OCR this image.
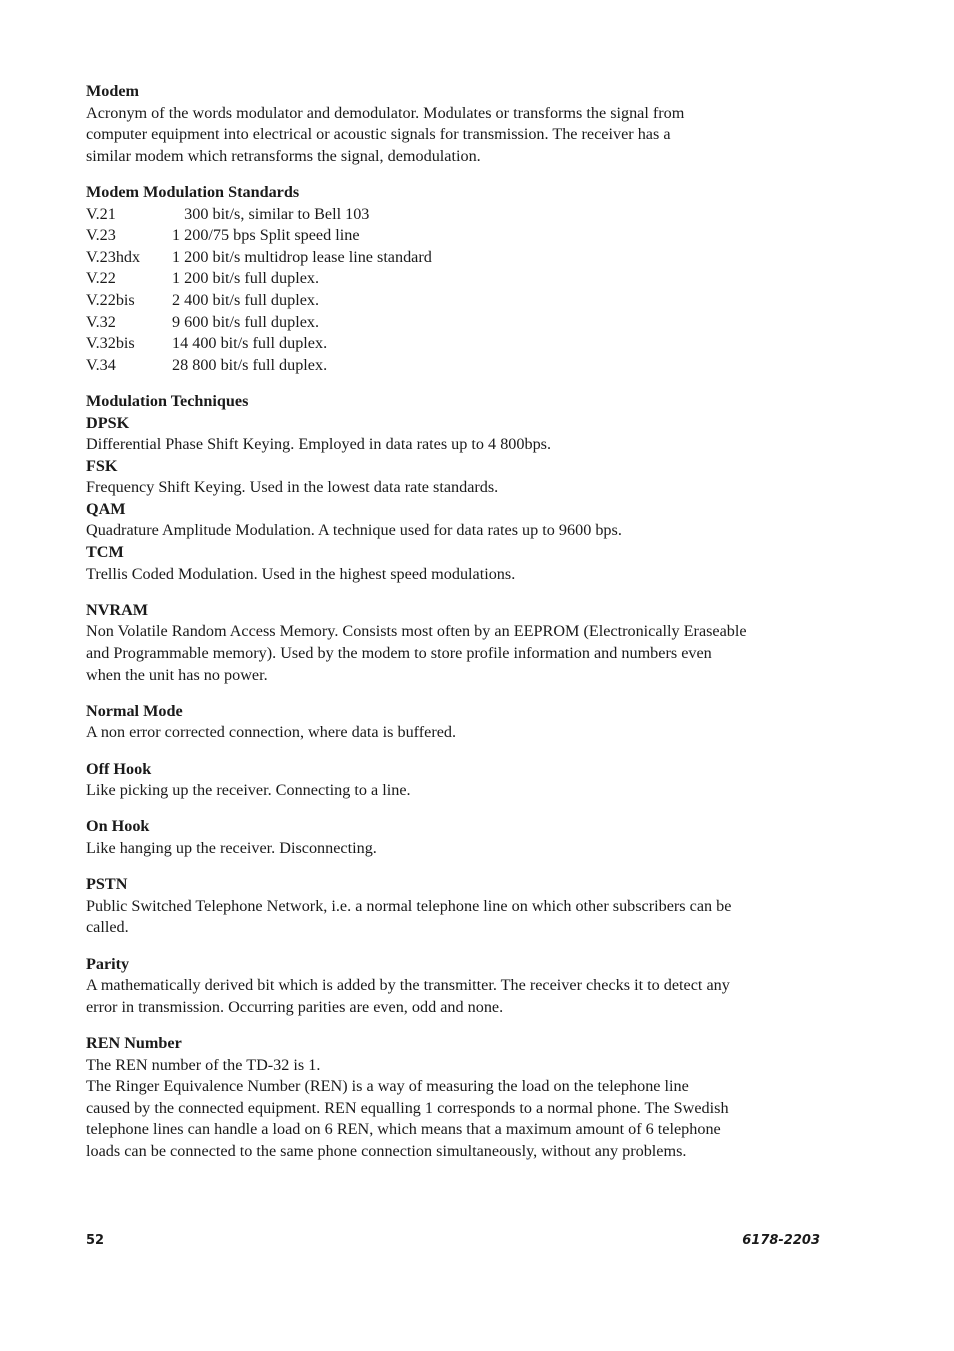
Modem

Acronym of the words modulator and demodulator. Modulates or transforms the signal from

computer equipment into electrical or acoustic signals for transmission. The receiver has a

similar modem which retransforms the signal, demodulation.

Modem Modulation Standards
V.21	300 bit/s, similar to Bell 103
V.23	1 200/75 bps Split speed line
V.23hdx	1 200 bit/s multidrop lease line standard
V.22	1 200 bit/s full duplex.
V.22bis	2 400 bit/s full duplex.
V.32	9 600 bit/s full duplex.
V.32bis	14 400 bit/s full duplex.
V.34	28 800 bit/s full duplex.
Modulation Techniques
DPSK

Differential Phase Shift Keying. Employed in data rates up to 4 800bps.

FSK

Frequency Shift Keying. Used in the lowest data rate standards.

QAM

Quadrature Amplitude Modulation. A technique used for data rates up to 9600 bps.

TCM

Trellis Coded Modulation. Used in the highest speed modulations.

NVRAM

Non Volatile Random Access Memory. Consists most often by an EEPROM (Electronically Eraseable

and Programmable memory). Used by the modem to store profile information and numbers even

when the unit has no power.

Normal Mode

A non error corrected connection, where data is buffered.

Off Hook

Like picking up the receiver. Connecting to a line.

On Hook

Like hanging up the receiver. Disconnecting.

PSTN

Public Switched Telephone Network, i.e. a normal telephone line on which other subscribers can be

called.

Parity

A mathematically derived bit which is added by the transmitter. The receiver checks it to detect any

error in transmission. Occurring parities are even, odd and none.

REN Number

The REN number of the TD-32 is 1.

The Ringer Equivalence Number (REN) is a way of measuring the load on the telephone line

caused by the connected equipment. REN equalling 1 corresponds to a normal phone. The Swedish

telephone lines can handle a load on 6 REN, which means that a maximum amount of 6 telephone

loads can be connected to the same phone connection simultaneously, without any problems.

52	6178-2203
